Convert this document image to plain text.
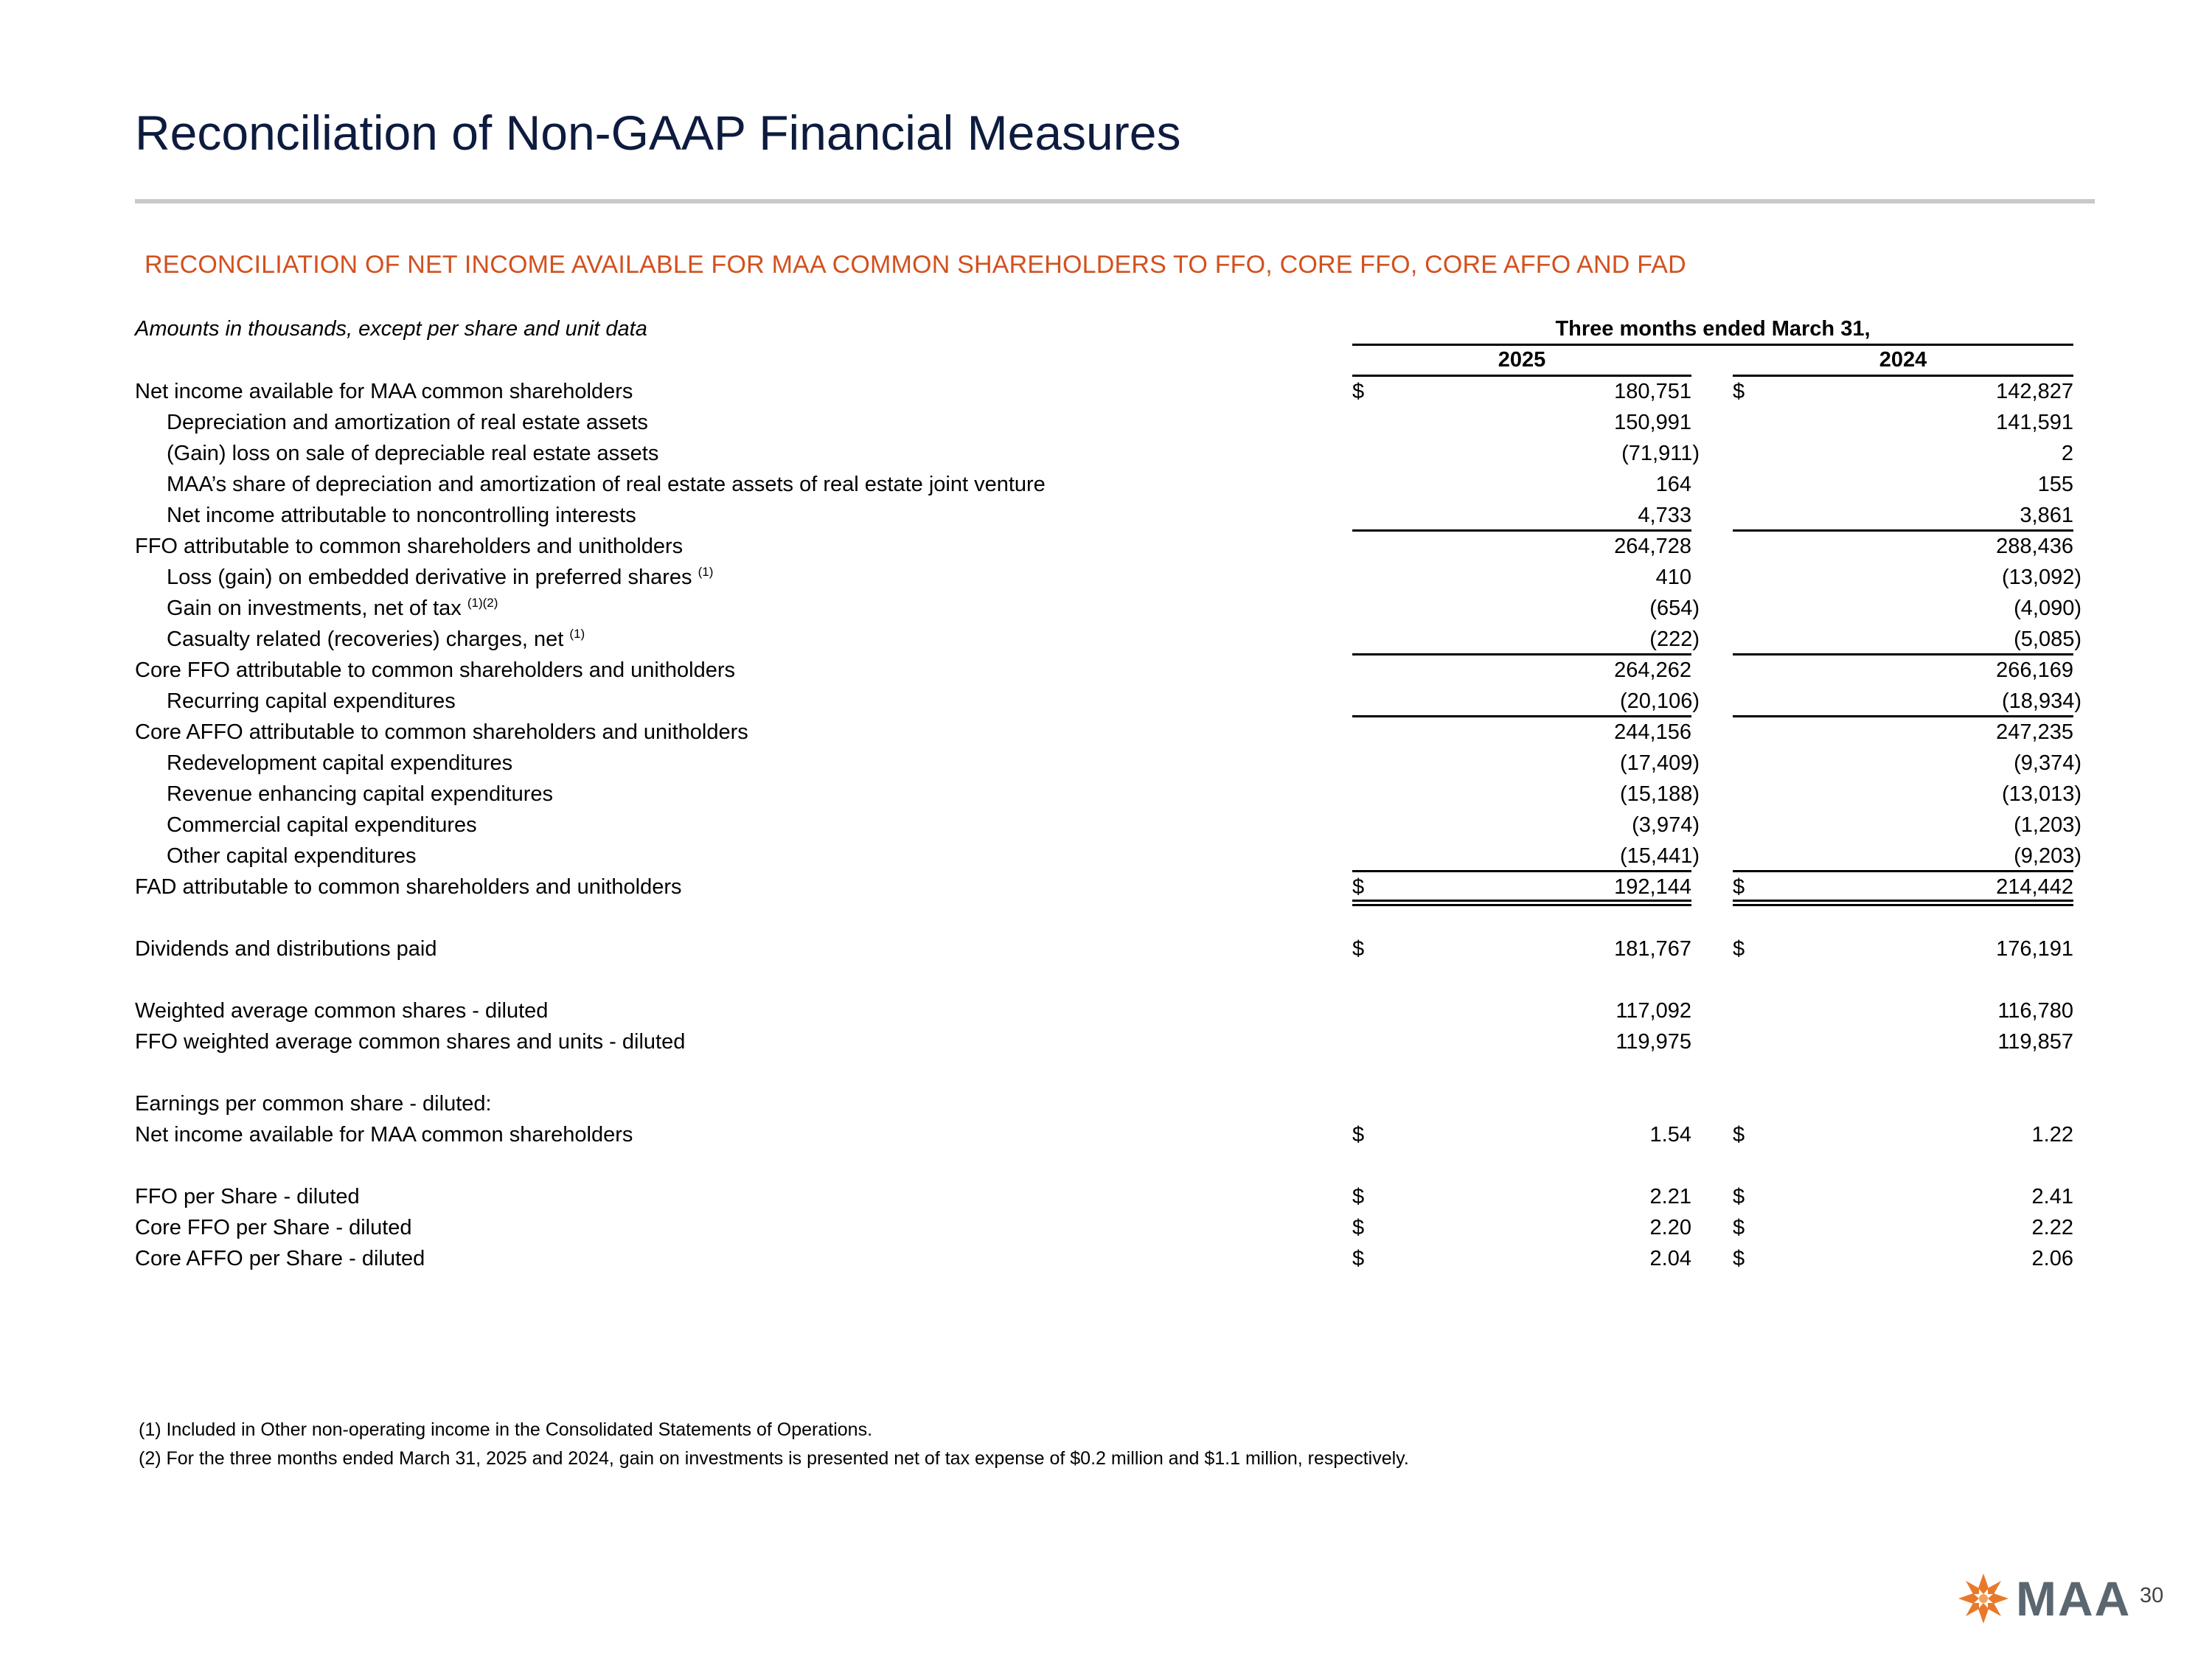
Reconciliation of Non-GAAP Financial Measures
RECONCILIATION OF NET INCOME AVAILABLE FOR MAA COMMON SHAREHOLDERS TO FFO, CORE FFO, CORE AFFO AND FAD
Amounts in thousands, except per share and unit data	Three months ended March 31,
2025	2024
Net income available for MAA common shareholders	$	180,751 $	142,827
Depreciation and amortization of real estate assets	150,991	141,591
(Gain) loss on sale of depreciable real estate assets	(71,911)	2
MAA’s share of depreciation and amortization of real estate assets of real estate joint venture	164	155
Net income attributable to noncontrolling interests	4,733	3,861
FFO attributable to common shareholders and unitholders	264,728	288,436
Loss (gain) on embedded derivative in preferred shares $^{(1)}$	410	(13,092)
Gain on investments, net of tax $^{(1)(2)}$	(654)	(4,090)
Casualty related (recoveries) charges, net $^{(1)}$	(222)	(5,085)
Core FFO attributable to common shareholders and unitholders	264,262	266,169
Recurring capital expenditures	(20,106)	(18,934)
Core AFFO attributable to common shareholders and unitholders	244,156	247,235
Redevelopment capital expenditures	(17,409)	(9,374)
Revenue enhancing capital expenditures	(15,188)	(13,013)
Commercial capital expenditures	(3,974)	(1,203)
Other capital expenditures	(15,441)	(9,203)
FAD attributable to common shareholders and unitholders	$	192,144 $	214,442
Dividends and distributions paid	$	181,767 $	176,191
Weighted average common shares - diluted	117,092	116,780
FFO weighted average common shares and units - diluted	119,975	119,857
Earnings per common share - diluted:
Net income available for MAA common shareholders	$	1.54 $	1.22
FFO per Share - diluted	$	2.21 $	2.41
Core FFO per Share - diluted	$	2.20 $	2.22
Core AFFO per Share - diluted	$	2.04 $	2.06
(1) Included in Other non-operating income in the Consolidated Statements of Operations.
(2) For the three months ended March 31, 2025 and 2024, gain on investments is presented net of tax expense of $0.2 million and $1.1 million, respectively.
MAA 30
